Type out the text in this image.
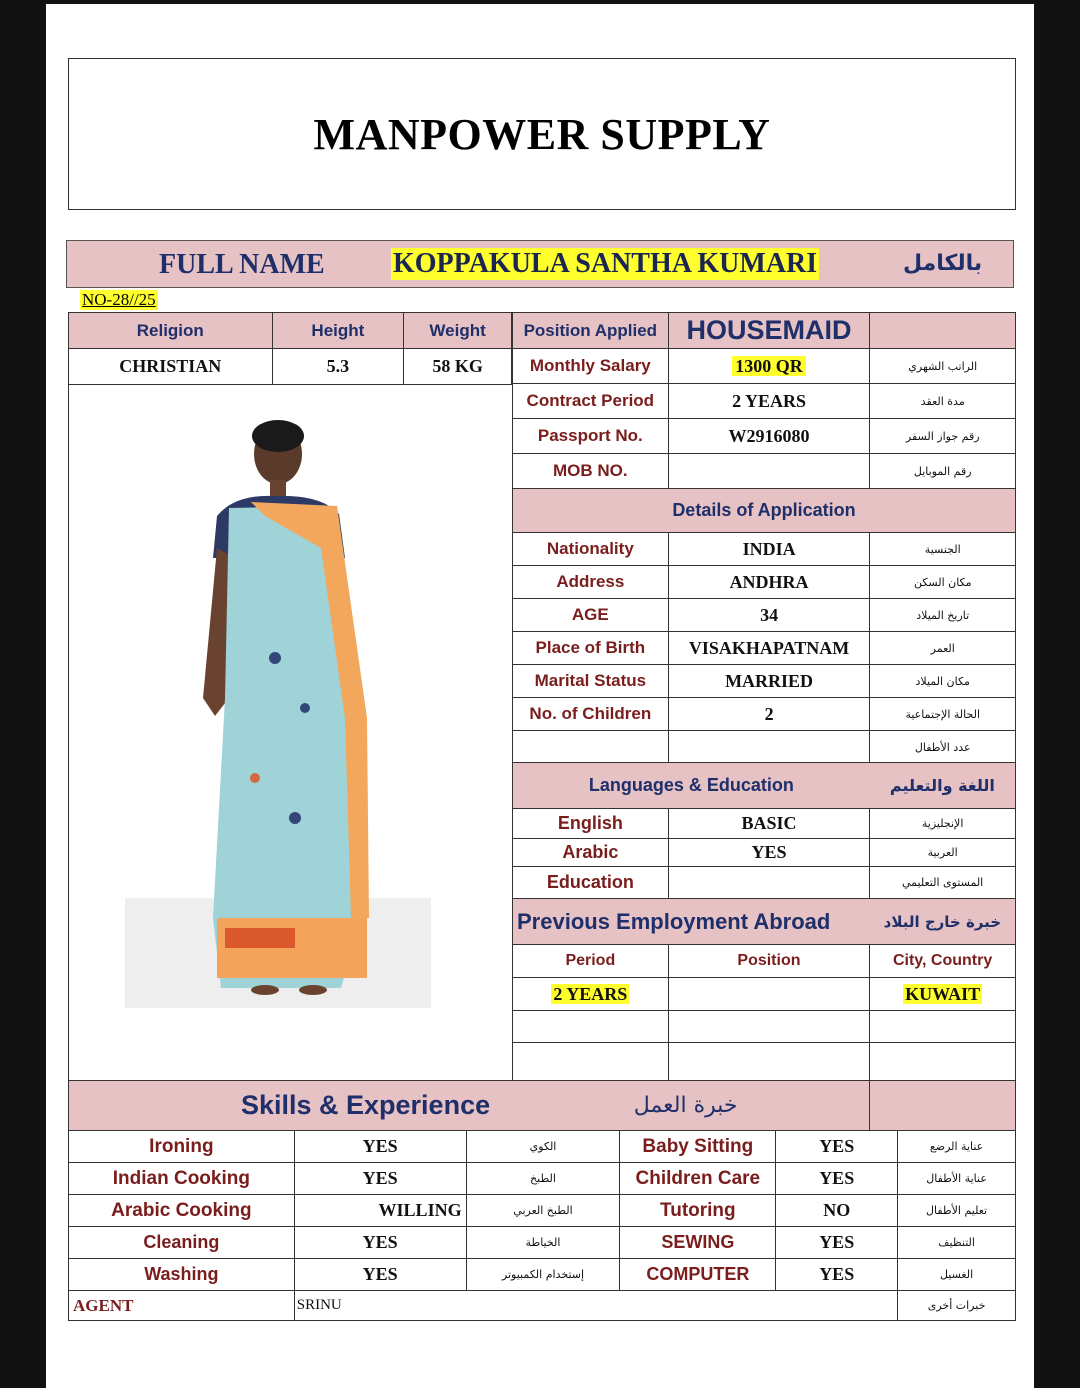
MANPOWER SUPPLY
FULL NAME KOPPAKULA SANTHA KUMARI	بالكامل
NO-28//25
Religion	Height	Weight
CHRISTIAN	5.3	58 KG
Position Applied	HOUSEMAID	
Monthly Salary	1300 QR	الراتب الشهري
Contract Period	2 YEARS	مدة العقد
Passport No.	W2916080	رقم جواز السفر
MOB NO.		رقم الموبايل
Details of Application		
Nationality	INDIA	الجنسية
Address	ANDHRA	مكان السكن
AGE	34	تاريخ الميلاد
Place of Birth	VISAKHAPATNAM	العمر
Marital Status	MARRIED	مكان الميلاد
No. of Children	2	الحالة الإجتماعية
		عدد الأطفال
Languages & Education		اللغة والتعليم
English	BASIC	الإنجليزية
Arabic	YES	العربية
Education		المستوى التعليمي
Previous Employment Abroad		خبرة خارج البلاد
Period	Position	City, Country
2 YEARS		KUWAIT

Skills & Experience	خبرة العمل	
Ironing	YES	الكوي	Baby Sitting	YES	عناية الرضع
Indian Cooking	YES	الطبخ	Children Care	YES	عناية الأطفال
Arabic Cooking	WILLING	الطبخ العربي	Tutoring	NO	تعليم الأطفال
Cleaning	YES	الخياطة	SEWING	YES	التنظيف
Washing	YES	إستخدام الكمبيوتر	COMPUTER	YES	الغسيل
AGENT	SRINU				خبرات أخرى
